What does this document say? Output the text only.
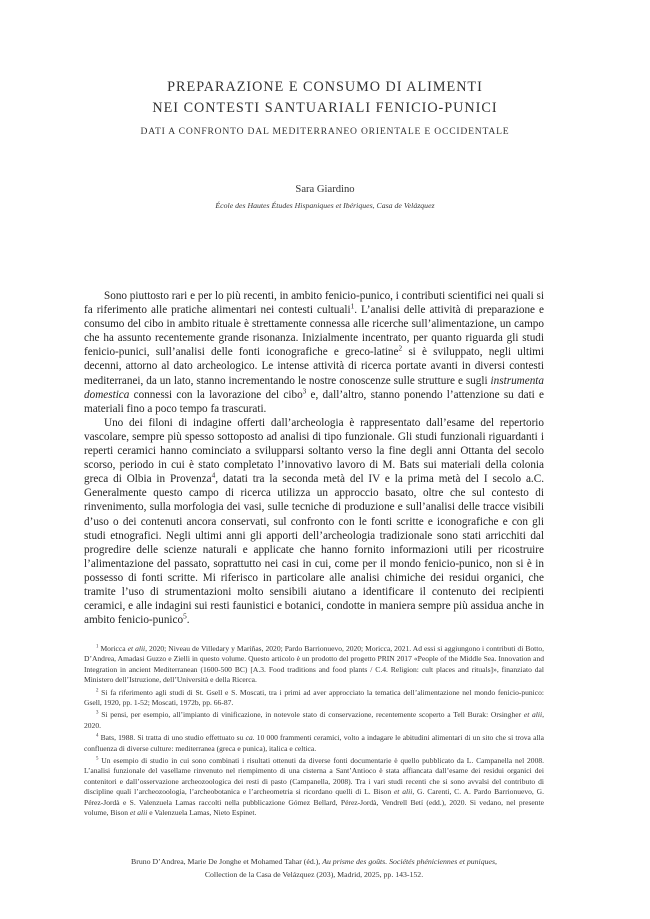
PREPARAZIONE E CONSUMO DI ALIMENTI
NEI CONTESTI SANTUARIALI FENICIO-PUNICI
DATI A CONFRONTO DAL MEDITERRANEO ORIENTALE E OCCIDENTALE
Sara Giardino
École des Hautes Études Hispaniques et Ibériques, Casa de Velázquez

Sono piuttosto rari e per lo più recenti, in ambito fenicio-punico, i contributi scientifici nei quali si fa riferimento alle pratiche alimentari nei contesti cultuali$^1$. L’analisi delle attività di preparazione e consumo del cibo in ambito rituale è strettamente connessa alle ricerche sull’alimentazione, un campo che ha assunto recentemente grande risonanza. Inizialmente incentrato, per quanto riguarda gli studi fenicio-punici, sull’analisi delle fonti iconografiche e greco-latine$^2$ si è sviluppato, negli ultimi decenni, attorno al dato archeologico. Le intense attività di ricerca portate avanti in diversi contesti mediterranei, da un lato, stanno incrementando le nostre conoscenze sulle strutture e sugli instrumenta domestica connessi con la lavorazione del cibo$^3$ e, dall’altro, stanno ponendo l’attenzione su dati e materiali fino a poco tempo fa trascurati.

Uno dei filoni di indagine offerti dall’archeologia è rappresentato dall’esame del repertorio vascolare, sempre più spesso sottoposto ad analisi di tipo funzionale. Gli studi funzionali riguardanti i reperti ceramici hanno cominciato a svilupparsi soltanto verso la fine degli anni Ottanta del secolo scorso, periodo in cui è stato completato l’innovativo lavoro di M. Bats sui materiali della colonia greca di Olbia in Provenza$^4$, datati tra la seconda metà del IV e la prima metà del I secolo a.C. Generalmente questo campo di ricerca utilizza un approccio basato, oltre che sul contesto di rinvenimento, sulla morfologia dei vasi, sulle tecniche di produzione e sull’analisi delle tracce visibili d’uso o dei contenuti ancora conservati, sul confronto con le fonti scritte e iconografiche e con gli studi etnografici. Negli ultimi anni gli apporti dell’archeologia tradizionale sono stati arricchiti dal progredire delle scienze naturali e applicate che hanno fornito informazioni utili per ricostruire l’alimentazione del passato, soprattutto nei casi in cui, come per il mondo fenicio-punico, non si è in possesso di fonti scritte. Mi riferisco in particolare alle analisi chimiche dei residui organici, che tramite l’uso di strumentazioni molto sensibili aiutano a identificare il contenuto dei recipienti ceramici, e alle indagini sui resti faunistici e botanici, condotte in maniera sempre più assidua anche in ambito fenicio-punico$^5$.

$^1$ Moricca et alii, 2020; Niveau de Villedary y Mariñas, 2020; Pardo Barrionuevo, 2020; Moricca, 2021. Ad essi si aggiungono i contributi di Botto, D’Andrea, Amadasi Guzzo e Zielli in questo volume. Questo articolo è un prodotto del progetto PRIN 2017 «People of the Middle Sea. Innovation and Integration in ancient Mediterranean (1600-500 BC) [A.3. Food traditions and food plants / C.4. Religion: cult places and rituals]», finanziato dal Ministero dell’Istruzione, dell’Università e della Ricerca.

$^2$ Si fa riferimento agli studi di St. Gsell e S. Moscati, tra i primi ad aver approcciato la tematica dell’alimentazione nel mondo fenicio-punico: Gsell, 1920, pp. 1-52; Moscati, 1972b, pp. 66-87.

$^3$ Si pensi, per esempio, all’impianto di vinificazione, in notevole stato di conservazione, recentemente scoperto a Tell Burak: Orsingher et alii, 2020.

$^4$ Bats, 1988. Si tratta di uno studio effettuato su ca. 10 000 frammenti ceramici, volto a indagare le abitudini alimentari di un sito che si trova alla confluenza di diverse culture: mediterranea (greca e punica), italica e celtica.

$^5$ Un esempio di studio in cui sono combinati i risultati ottenuti da diverse fonti documentarie è quello pubblicato da L. Campanella nel 2008. L’analisi funzionale del vasellame rinvenuto nel riempimento di una cisterna a Sant’Antioco è stata affiancata dall’esame dei residui organici dei contenitori e dall’osservazione archeozoologica dei resti di pasto (Campanella, 2008). Tra i vari studi recenti che si sono avvalsi del contributo di discipline quali l’archeozoologia, l’archeobotanica e l’archeometria si ricordano quelli di L. Bison et alii, G. Carenti, C. A. Pardo Barrionuevo, G. Pérez-Jordà e S. Valenzuela Lamas raccolti nella pubblicazione Gómez Bellard, Pérez-Jordà, Vendrell Betí (edd.), 2020. Si vedano, nel presente volume, Bison et alii e Valenzuela Lamas, Nieto Espinet.

Bruno D’Andrea, Marie De Jonghe et Mohamed Tahar (éd.), Au prisme des goûts. Sociétés phéniciennes et puniques,
Collection de la Casa de Velázquez (203), Madrid, 2025, pp. 143-152.
